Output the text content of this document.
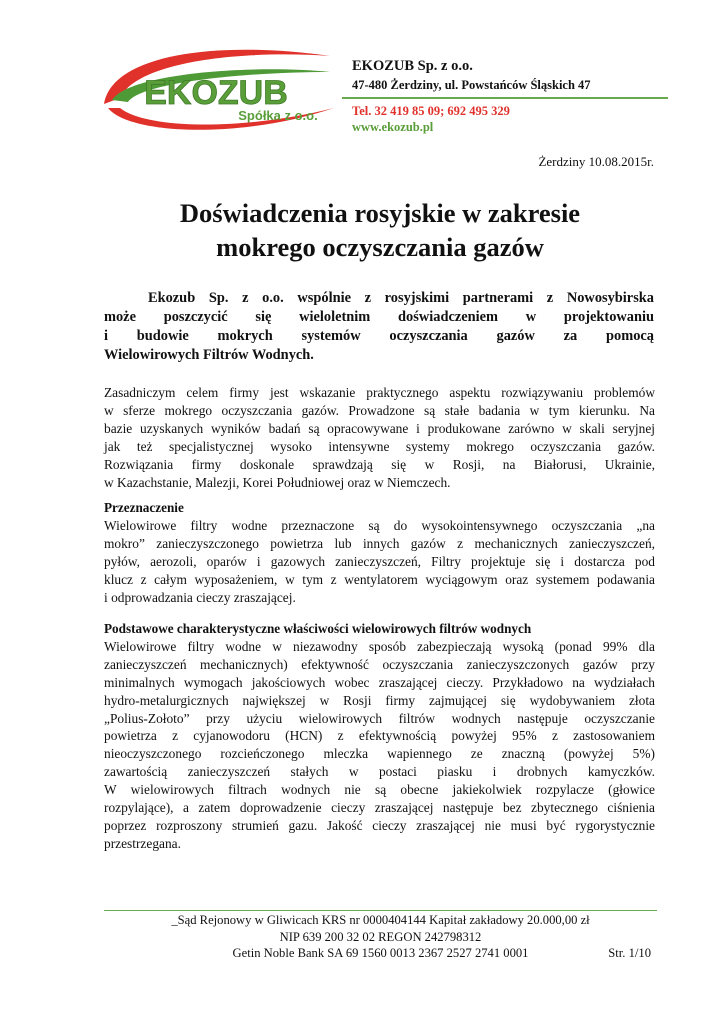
EKOZUB
Spółka z o.o.
EKOZUB Sp. z o.o.
47-480 Żerdziny, ul. Powstańców Śląskich 47
Tel. 32 419 85 09; 692 495 329
www.ekozub.pl
Żerdziny 10.08.2015r.
Doświadczenia rosyjskie w zakresie
mokrego oczyszczania gazów

Ekozub Sp. z o.o. wspólnie z rosyjskimi partnerami z Nowosybirska

może poszczycić się wieloletnim doświadczeniem w projektowaniu

i budowie mokrych systemów oczyszczania gazów za pomocą

Wielowirowych Filtrów Wodnych.

Zasadniczym celem firmy jest wskazanie praktycznego aspektu rozwiązywaniu problemów

w sferze mokrego oczyszczania gazów. Prowadzone są stałe badania w tym kierunku. Na

bazie uzyskanych wyników badań są opracowywane i produkowane zarówno w skali seryjnej

jak też specjalistycznej wysoko intensywne systemy mokrego oczyszczania gazów.

Rozwiązania firmy doskonale sprawdzają się w Rosji, na Białorusi, Ukrainie,

w Kazachstanie, Malezji, Korei Południowej oraz w Niemczech.

Przeznaczenie

Wielowirowe filtry wodne przeznaczone są do wysokointensywnego oczyszczania „na

mokro” zanieczyszczonego powietrza lub innych gazów z mechanicznych zanieczyszczeń,

pyłów, aerozoli, oparów i gazowych zanieczyszczeń, Filtry projektuje się i dostarcza pod

klucz z całym wyposażeniem, w tym z wentylatorem wyciągowym oraz systemem podawania

i odprowadzania cieczy zraszającej.

Podstawowe charakterystyczne właściwości wielowirowych filtrów wodnych

Wielowirowe filtry wodne w niezawodny sposób zabezpieczają wysoką (ponad 99% dla

zanieczyszczeń mechanicznych) efektywność oczyszczania zanieczyszczonych gazów przy

minimalnych wymogach jakościowych wobec zraszającej cieczy. Przykładowo na wydziałach

hydro-metalurgicznych największej w Rosji firmy zajmującej się wydobywaniem złota

„Polius-Zołoto” przy użyciu wielowirowych filtrów wodnych następuje oczyszczanie

powietrza z cyjanowodoru (HCN) z efektywnością powyżej 95% z zastosowaniem

nieoczyszczonego rozcieńczonego mleczka wapiennego ze znaczną (powyżej 5%)

zawartością zanieczyszczeń stałych w postaci piasku i drobnych kamyczków.

W wielowirowych filtrach wodnych nie są obecne jakiekolwiek rozpylacze (głowice

rozpylające), a zatem doprowadzenie cieczy zraszającej następuje bez zbytecznego ciśnienia

poprzez rozproszony strumień gazu. Jakość cieczy zraszającej nie musi być rygorystycznie

przestrzegana.

_Sąd Rejonowy w Gliwicach KRS nr 0000404144 Kapitał zakładowy 20.000,00 zł
NIP 639 200 32 02 REGON 242798312
Getin Noble Bank SA 69 1560 0013 2367 2527 2741 0001	Str. 1/10
